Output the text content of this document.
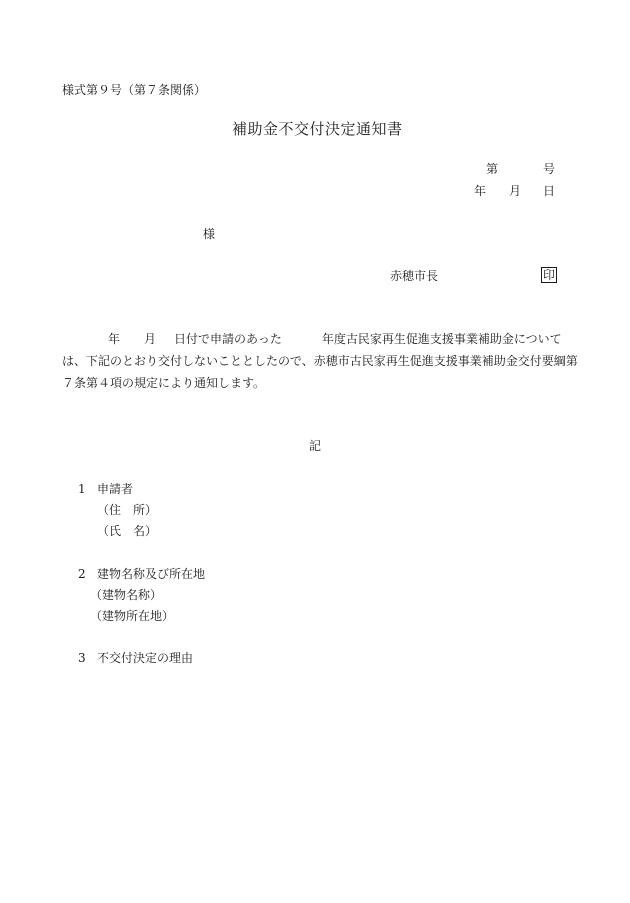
様式第９号（第７条関係）
補助金不交付決定通知書
第	号
年 月 日
様
赤穂市長	印
年 月 日付で申請のあった	年度古民家再生促進支援事業補助金について
は、下記のとおり交付しないこととしたので、赤穂市古民家再生促進支援事業補助金交付要綱第
７条第４項の規定により通知します。
記
1 申請者
（住　所）
（氏　名）
2 建物名称及び所在地
（建物名称）
（建物所在地）
3 不交付決定の理由
